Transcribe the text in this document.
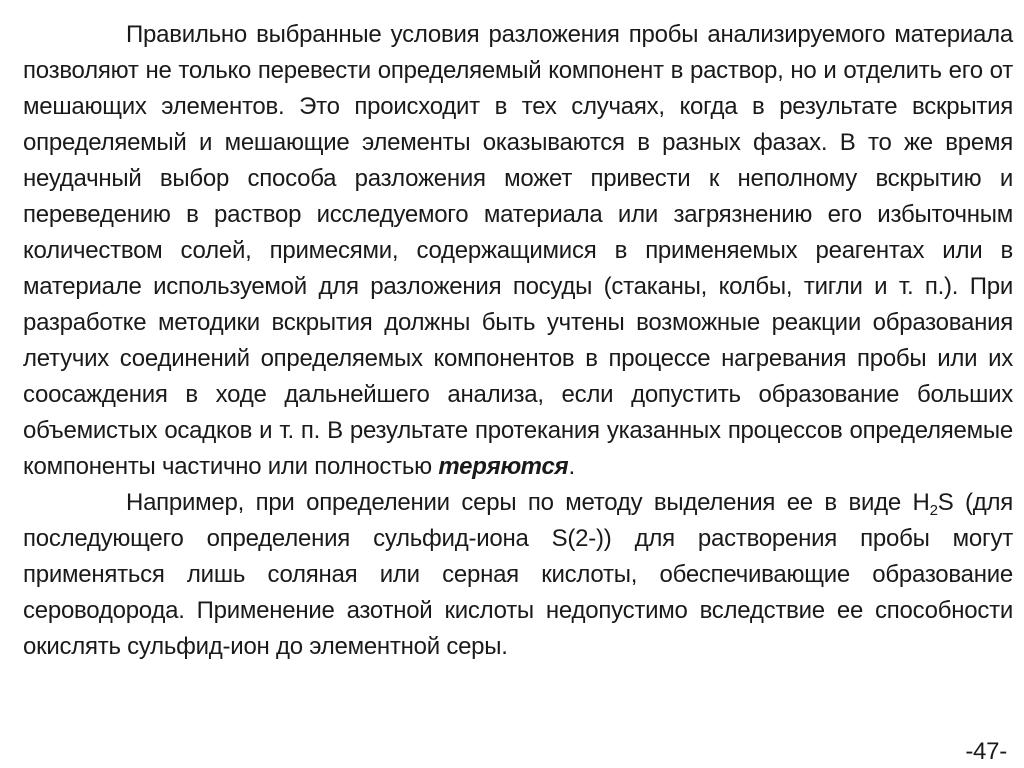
Правильно выбранные условия разложения пробы анализируемого материала позволяют не только перевести определяемый компонент в раствор, но и отделить его от мешающих элементов. Это происходит в тех случаях, когда в результате вскрытия определяемый и мешающие элементы оказываются в разных фазах. В то же время неудачный выбор способа разложения может привести к неполному вскрытию и переведению в раствор исследуемого материала или загрязнению его избыточным количеством солей, примесями, содержащимися в применяемых реагентах или в материале используемой для разложения посуды (стаканы, колбы, тигли и т. п.). При разработке методики вскрытия должны быть учтены возможные реакции образования летучих соединений определяемых компонентов в процессе нагревания пробы или их соосаждения в ходе дальнейшего анализа, если допустить образование больших объемистых осадков и т. п. В результате протекания указанных процессов определяемые компоненты частично или полностью теряются.

Например, при определении серы по методу выделения ее в виде $H_2S$ (для последующего определения сульфид-иона S(2-)) для растворения пробы могут применяться лишь соляная или серная кислоты, обеспечивающие образование сероводорода. Применение азотной кислоты недопустимо вследствие ее способности окислять сульфид-ион до элементной серы.

-47-
